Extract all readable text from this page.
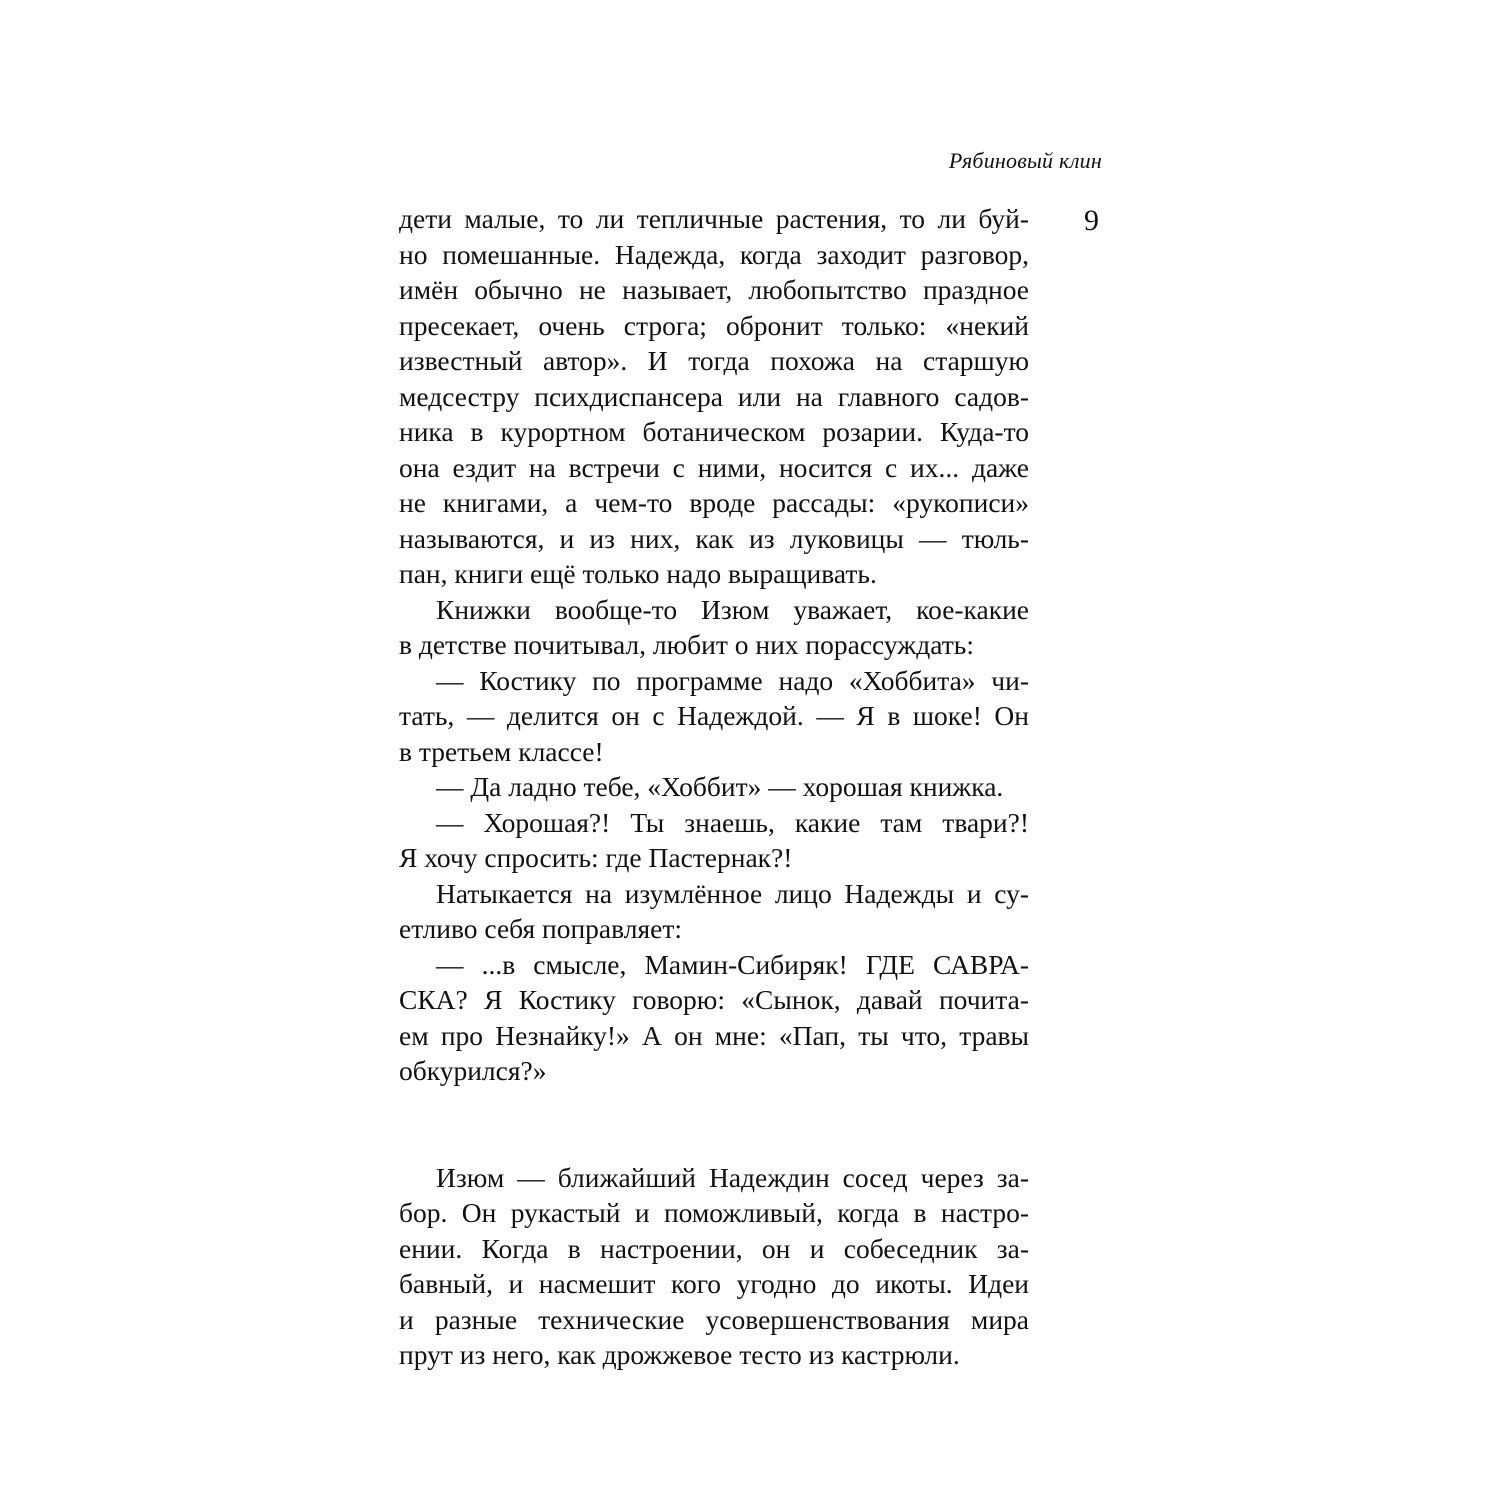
Рябиновый клин
9
дети малые, то ли тепличные растения, то ли буй-
но помешанные. Надежда, когда заходит разговор,
имён обычно не называет, любопытство праздное
пресекает, очень строга; обронит только: «некий
известный автор». И тогда похожа на старшую
медсестру психдиспансера или на главного садов-
ника в курортном ботаническом розарии. Куда-то
она ездит на встречи с ними, носится с их... даже
не книгами, а чем-то вроде рассады: «рукописи»
называются, и из них, как из луковицы — тюль-
пан, книги ещё только надо выращивать.
Книжки вообще-то Изюм уважает, кое-какие
в детстве почитывал, любит о них порассуждать:
— Костику по программе надо «Хоббита» чи-
тать, — делится он с Надеждой. — Я в шоке! Он
в третьем классе!
— Да ладно тебе, «Хоббит» — хорошая книжка.
— Хорошая?! Ты знаешь, какие там твари?!
Я хочу спросить: где Пастернак?!
Натыкается на изумлённое лицо Надежды и су-
етливо себя поправляет:
— ...в смысле, Мамин-Сибиряк! ГДЕ САВРА-
СКА? Я Костику говорю: «Сынок, давай почита-
ем про Незнайку!» А он мне: «Пап, ты что, травы
обкурился?»
Изюм — ближайший Надеждин сосед через за-
бор. Он рукастый и поможливый, когда в настро-
ении. Когда в настроении, он и собеседник за-
бавный, и насмешит кого угодно до икоты. Идеи
и разные технические усовершенствования мира
прут из него, как дрожжевое тесто из кастрюли.
